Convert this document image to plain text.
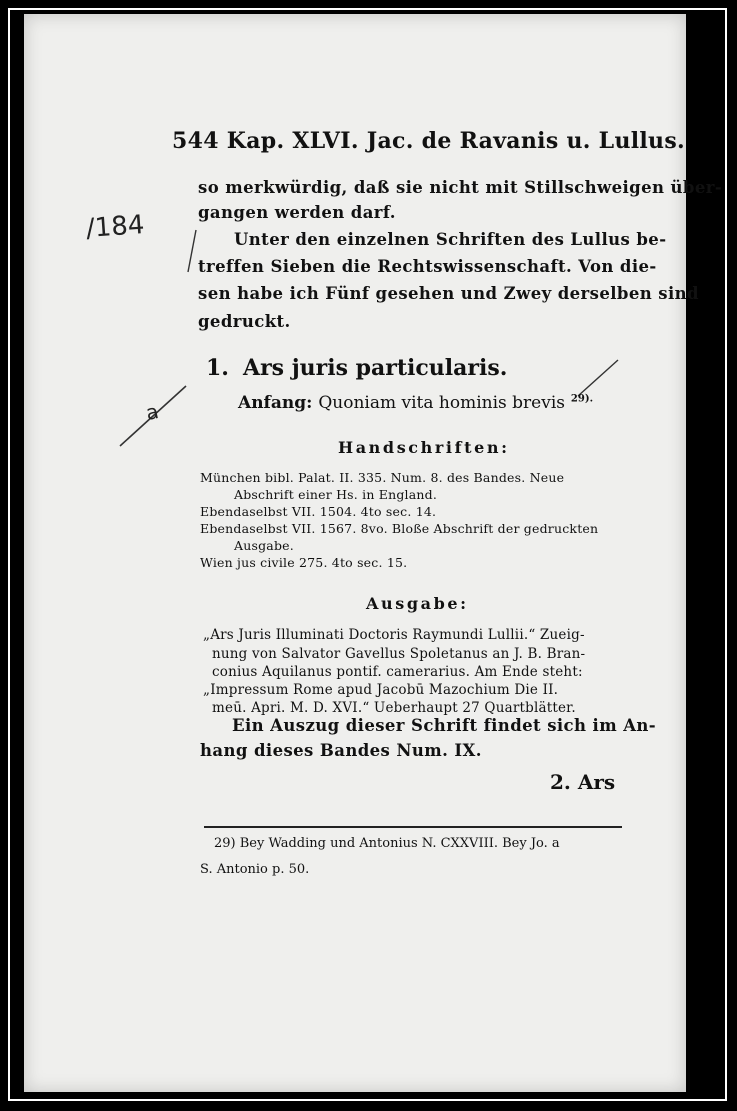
/184
a
544 Kap. XLVI. Jac. de Ravanis u. Lullus.
so merkwürdig, daß sie nicht mit Stillschweigen über-
gangen werden darf.
Unter den einzelnen Schriften des Lullus be-
treffen Sieben die Rechtswissenschaft. Von die-
sen habe ich Fünf gesehen und Zwey derselben sind
gedruckt.
1. Ars juris particularis.
Anfang: Quoniam vita hominis brevis $^{29).}$
Handschriften:
München bibl. Palat. II. 335. Num. 8. des Bandes. Neue
Abschrift einer Hs. in England.
Ebendaselbst VII. 1504. 4to sec. 14.
Ebendaselbst VII. 1567. 8vo. Bloße Abschrift der gedruckten
Ausgabe.
Wien jus civile 275. 4to sec. 15.
Ausgabe:
„Ars Juris Illuminati Doctoris Raymundi Lullii.“ Zueig-
nung von Salvator Gavellus Spoletanus an J. B. Bran-
conius Aquilanus pontif. camerarius. Am Ende steht:
„Impressum Rome apud Jacobū Mazochium Die II.
meū. Apri. M. D. XVI.“ Ueberhaupt 27 Quartblätter.
Ein Auszug dieser Schrift findet sich im An-
hang dieses Bandes Num. IX.
2. Ars
29) Bey Wadding und Antonius N. CXXVIII. Bey Jo. a
S. Antonio p. 50.
